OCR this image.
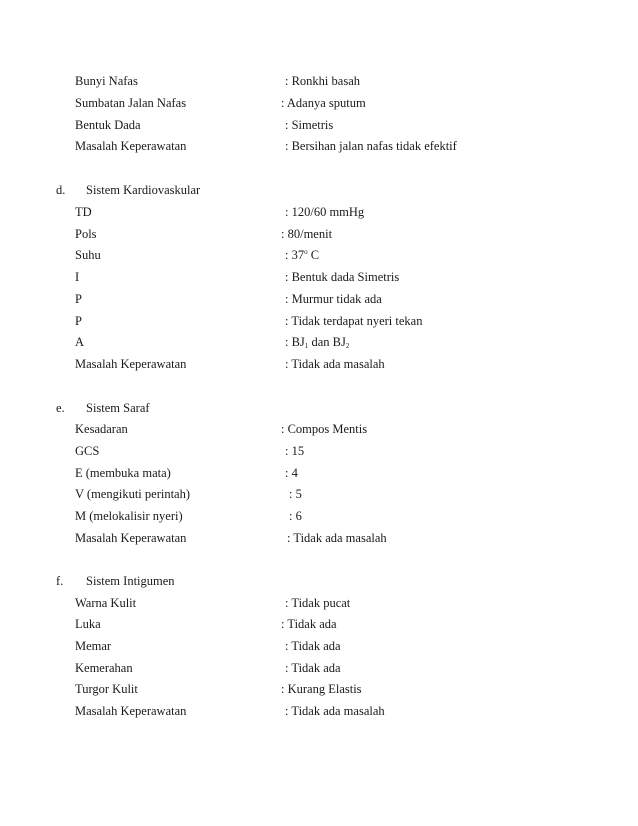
Bunyi Nafas	: Ronkhi basah
Sumbatan Jalan Nafas	: Adanya sputum
Bentuk Dada	: Simetris
Masalah Keperawatan	: Bersihan jalan nafas tidak efektif
d. Sistem Kardiovaskular
TD	: 120/60 mmHg
Pols	: 80/menit
Suhu	: 37$^o$ C
I	: Bentuk dada Simetris
P	: Murmur tidak ada
P	: Tidak terdapat nyeri tekan
A	: $BJ_1$ dan $BJ_2$
Masalah Keperawatan	: Tidak ada masalah
e. Sistem Saraf
Kesadaran	: Compos Mentis
GCS	: 15
E (membuka mata)	: 4
V (mengikuti perintah)	: 5
M (melokalisir nyeri)	: 6
Masalah Keperawatan	: Tidak ada masalah
f. Sistem Intigumen
Warna Kulit	: Tidak pucat
Luka	: Tidak ada
Memar	: Tidak ada
Kemerahan	: Tidak ada
Turgor Kulit	: Kurang Elastis
Masalah Keperawatan	: Tidak ada masalah
